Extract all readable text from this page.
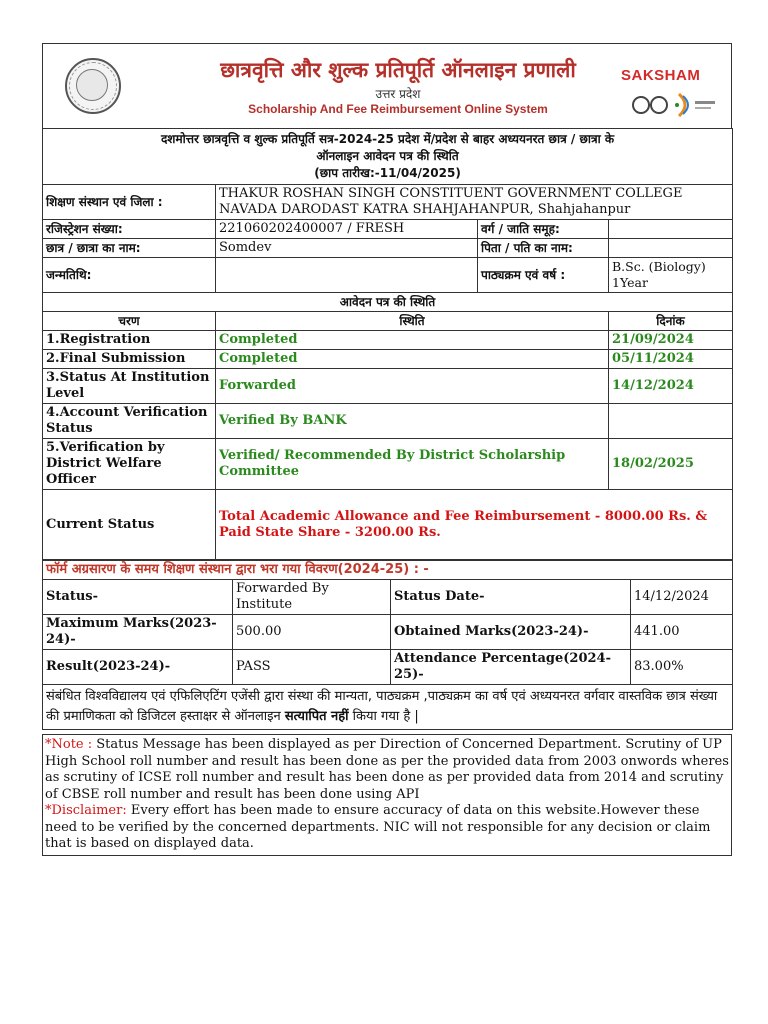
छात्रवृत्ति और शुल्क प्रतिपूर्ति ऑनलाइन प्रणाली
उत्तर प्रदेश
Scholarship And Fee Reimbursement Online System
SAKSHAM
दशमोत्तर छात्रवृत्ति व शुल्क प्रतिपूर्ति सत्र-2024-25 प्रदेश में/प्रदेश से बाहर अध्ययनरत छात्र / छात्रा के
ऑनलाइन आवेदन पत्र की स्थिति
(छाप तारीख:-11/04/2025)			

शिक्षण संस्थान एवं जिला :	THAKUR ROSHAN SINGH CONSTITUENT GOVERNMENT COLLEGE NAVADA DARODAST KATRA SHAHJAHANPUR, Shahjahanpur		
रजिस्ट्रेशन संख्या:	221060202400007 / FRESH	वर्ग / जाति समूह:	
छात्र / छात्रा का नाम:	Somdev	पिता / पति का नाम:	
जन्मतिथि:		पाठ्यक्रम एवं वर्ष :	B.Sc. (Biology)
1Year

आवेदन पत्र की स्थिति			
चरण	स्थिति		दिनांक
1.Registration	Completed		21/09/2024
2.Final Submission	Completed		05/11/2024
3.Status At Institution Level	Forwarded		14/12/2024
4.Account Verification Status	Verified By BANK		
5.Verification by District Welfare Officer	Verified/ Recommended By District Scholarship Committee		18/02/2025
Current Status	Total Academic Allowance and Fee Reimbursement - 8000.00 Rs. & Paid State Share - 3200.00 Rs.		
फॉर्म अग्रसारण के समय शिक्षण संस्थान द्वारा भरा गया विवरण(2024-25) : -			
Status-	Forwarded By Institute	Status Date-	14/12/2024
Maximum Marks(2023-24)-	500.00	Obtained Marks(2023-24)-	441.00
Result(2023-24)-	PASS	Attendance Percentage(2024-25)-	83.00%
संबंधित विश्वविद्यालय एवं एफिलिएटिंग एजेंसी द्वारा संस्था की मान्यता, पाठ्यक्रम ,पाठ्यक्रम का वर्ष एवं अध्ययनरत वर्गवार वास्तविक छात्र संख्या की प्रमाणिकता को डिजिटल हस्ताक्षर से ऑनलाइन सत्यापित नहीं किया गया है |			
*Note : Status Message has been displayed as per Direction of Concerned Department. Scrutiny of UP High School roll number and result has been done as per the provided data from 2003 onwords wheres as scrutiny of ICSE roll number and result has been done as per provided data from 2014 and scrutiny of CBSE roll number and result has been done using API
*Disclaimer: Every effort has been made to ensure accuracy of data on this website.However these need to be verified by the concerned departments. NIC will not responsible for any decision or claim that is based on displayed data.
